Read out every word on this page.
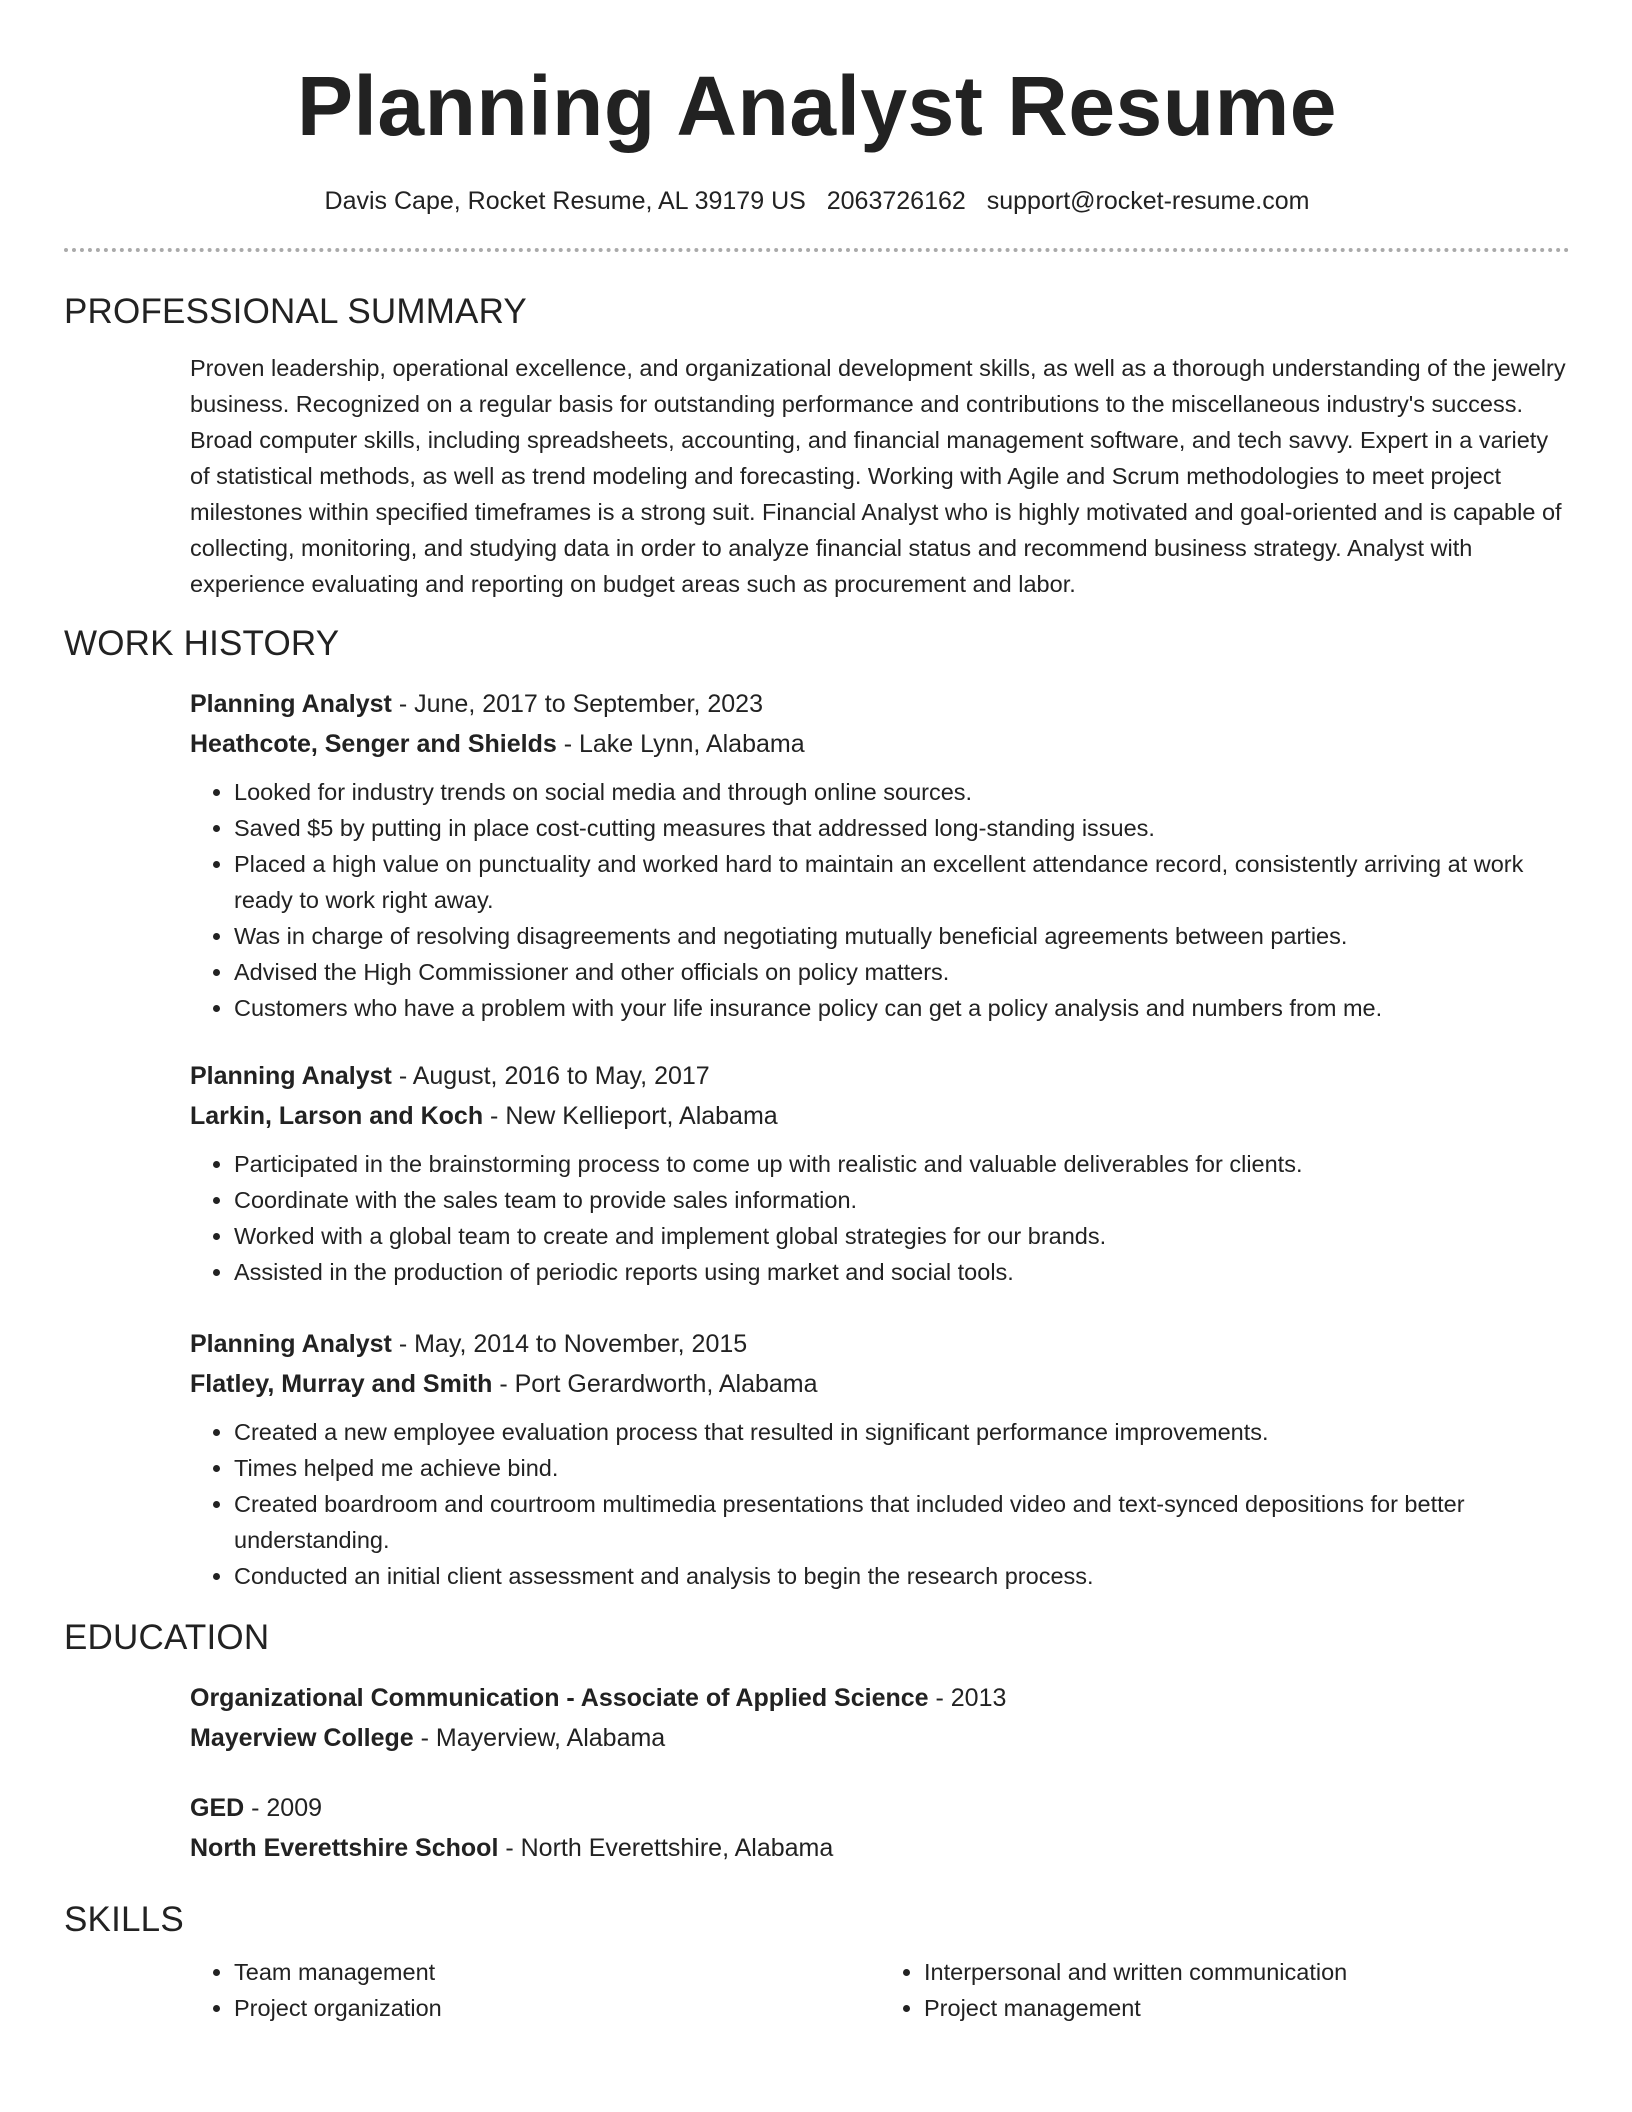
Planning Analyst Resume
Davis Cape, Rocket Resume, AL 39179 US 2063726162 support@rocket-resume.com
PROFESSIONAL SUMMARY

Proven leadership, operational excellence, and organizational development skills, as well as a thorough understanding of the jewelry business. Recognized on a regular basis for outstanding performance and contributions to the miscellaneous industry's success. Broad computer skills, including spreadsheets, accounting, and financial management software, and tech savvy. Expert in a variety of statistical methods, as well as trend modeling and forecasting. Working with Agile and Scrum methodologies to meet project milestones within specified timeframes is a strong suit. Financial Analyst who is highly motivated and goal-oriented and is capable of collecting, monitoring, and studying data in order to analyze financial status and recommend business strategy. Analyst with experience evaluating and reporting on budget areas such as procurement and labor.

WORK HISTORY
Planning Analyst - June, 2017 to September, 2023
Heathcote, Senger and Shields - Lake Lynn, Alabama
• Looked for industry trends on social media and through online sources.
• Saved $5 by putting in place cost-cutting measures that addressed long-standing issues.
• Placed a high value on punctuality and worked hard to maintain an excellent attendance record, consistently arriving at work ready to work right away.
• Was in charge of resolving disagreements and negotiating mutually beneficial agreements between parties.
• Advised the High Commissioner and other officials on policy matters.
• Customers who have a problem with your life insurance policy can get a policy analysis and numbers from me.
Planning Analyst - August, 2016 to May, 2017
Larkin, Larson and Koch - New Kellieport, Alabama
• Participated in the brainstorming process to come up with realistic and valuable deliverables for clients.
• Coordinate with the sales team to provide sales information.
• Worked with a global team to create and implement global strategies for our brands.
• Assisted in the production of periodic reports using market and social tools.
Planning Analyst - May, 2014 to November, 2015
Flatley, Murray and Smith - Port Gerardworth, Alabama
• Created a new employee evaluation process that resulted in significant performance improvements.
• Times helped me achieve bind.
• Created boardroom and courtroom multimedia presentations that included video and text-synced depositions for better understanding.
• Conducted an initial client assessment and analysis to begin the research process.
EDUCATION
Organizational Communication - Associate of Applied Science - 2013
Mayerview College - Mayerview, Alabama
GED - 2009
North Everettshire School - North Everettshire, Alabama
SKILLS
• Team management
• Project organization
• Interpersonal and written communication
• Project management
